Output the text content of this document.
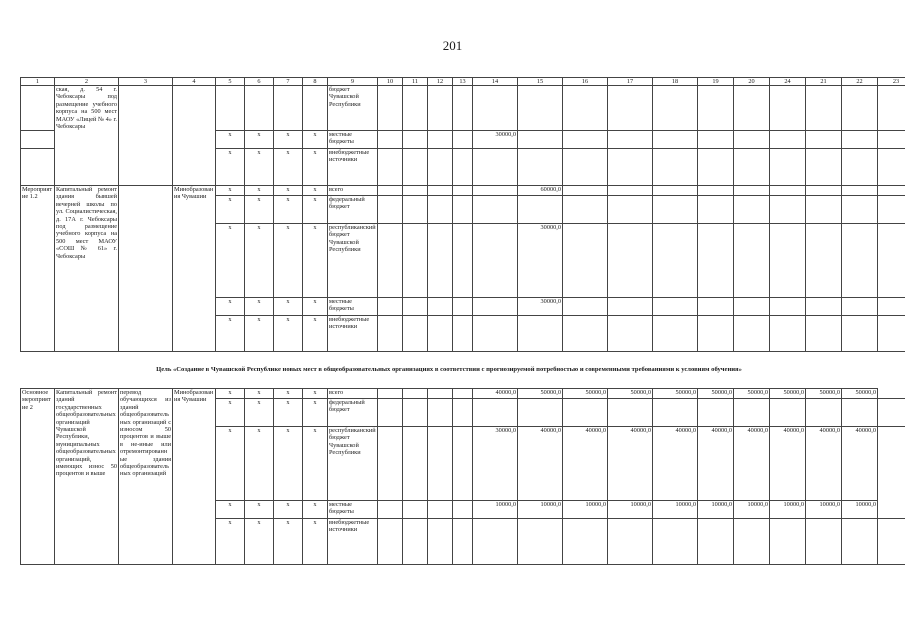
201
1	2	3	4	5	6	7	8	9	10	11	12	13	14	15	16	17	18	19	20	24	21	22	23
	ская, д. 54 г. Чебоксары под размещение учебного корпуса на 500 мест МАОУ «Лицей № 4» г. Чебоксары							бюджет Чувашской Республики															
				x	x	x	x	местные бюджеты					30000,0										
				x	x	x	x	внебюджетные источники															
Мероприятие 1.2	Капитальный ремонт здания бывшей вечерней школы по ул. Социалистическая, д. 17А г. Чебоксары под размещение учебного корпуса на 500 мест МАОУ «СОШ № 61» г. Чебоксары		Минобразования Чувашии	x	x	x	x	всего						60000,0									
				x	x	x	x	федеральный бюджет															
				x	x	x	x	республиканский бюджет Чувашской Республики						30000,0									
				x	x	x	x	местные бюджеты						30000,0									
				x	x	x	x	внебюджетные источники															
Цель «Создание в Чувашской Республике новых мест в общеобразовательных организациях в соответствии с прогнозируемой потребностью и современными требованиями к условиям обучения»
Основное мероприятие 2	Капитальный ремонт зданий государственных общеобразовательных организаций Чувашской Республики, муниципальных общеобразовательных организаций, имеющих износ 50 процентов и выше	перевод обучающихся из зданий общеобразовательных организаций с износом 50 процентов и выше в не-иные или отремонтированные здания общеобразовательных организаций	Минобразования Чувашии	x	x	x	x	всего					40000,0	50000,0	50000,0	50000,0	50000,0	50000,0	50000,0	50000,0	50000,0	50000,0	
				x	x	x	x	федеральный бюджет															
				x	x	x	x	республиканский бюджет Чувашской Республики					30000,0	40000,0	40000,0	40000,0	40000,0	40000,0	40000,0	40000,0	40000,0	40000,0	
				x	x	x	x	местные бюджеты					10000,0	10000,0	10000,0	10000,0	10000,0	10000,0	10000,0	10000,0	10000,0	10000,0	
				x	x	x	x	внебюджетные источники															
